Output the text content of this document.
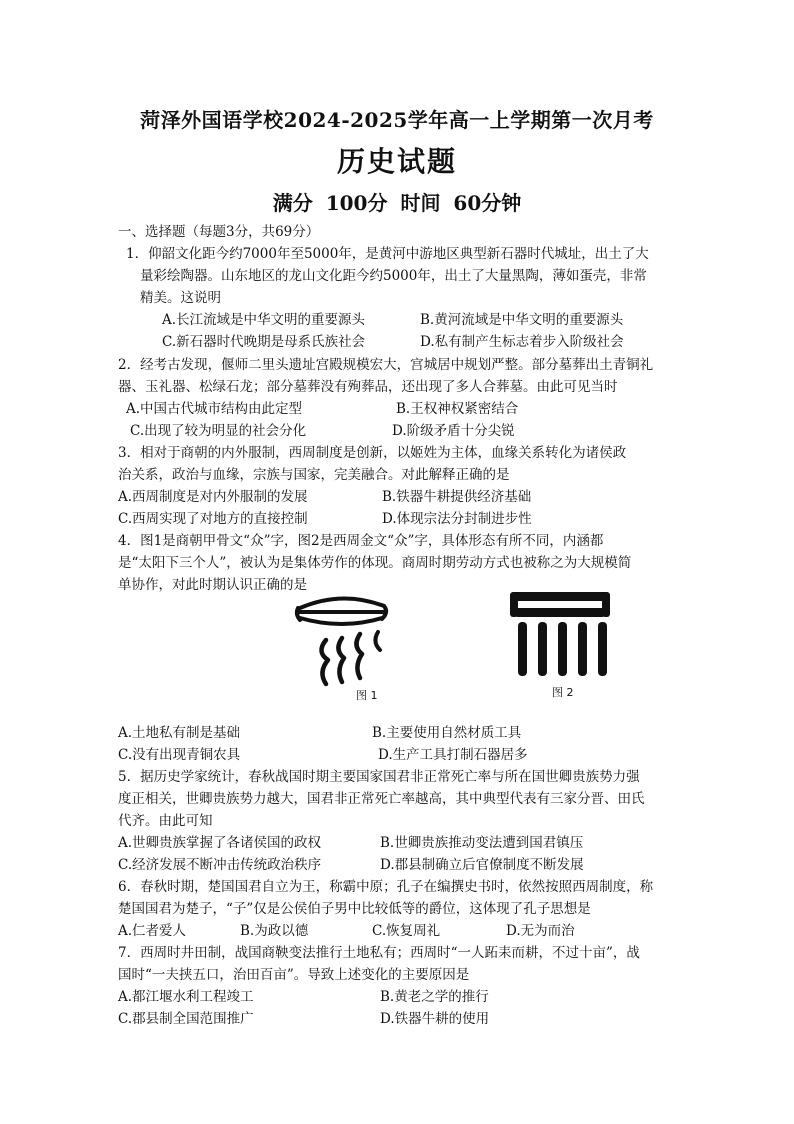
菏泽外国语学校2024-2025学年高一上学期第一次月考
历史试题
满分 100分 时间 60分钟
一、选择题（每题3分，共69分）
1．仰韶文化距今约7000年至5000年，是黄河中游地区典型新石器时代城址，出土了大
量彩绘陶器。山东地区的龙山文化距今约5000年，出土了大量黑陶，薄如蛋壳，非常
精美。这说明
A.长江流域是中华文明的重要源头	B.黄河流域是中华文明的重要源头
C.新石器时代晚期是母系氏族社会	D.私有制产生标志着步入阶级社会
2．经考古发现，偃师二里头遗址宫殿规模宏大，宫城居中规划严整。部分墓葬出土青铜礼
器、玉礼器、松绿石龙；部分墓葬没有殉葬品，还出现了多人合葬墓。由此可见当时
A.中国古代城市结构由此定型	B.王权神权紧密结合
C.出现了较为明显的社会分化	D.阶级矛盾十分尖锐
3．相对于商朝的内外服制，西周制度是创新，以姬姓为主体，血缘关系转化为诸侯政
治关系，政治与血缘，宗族与国家，完美融合。对此解释正确的是
A.西周制度是对内外服制的发展	B.铁器牛耕提供经济基础
C.西周实现了对地方的直接控制	D.体现宗法分封制进步性
4．图1是商朝甲骨文“众”字，图2是西周金文“众”字，具体形态有所不同，内涵都
是“太阳下三个人”，被认为是集体劳作的体现。商周时期劳动方式也被称之为大规模简
单协作，对此时期认识正确的是
图 1	图 2
A.土地私有制是基础	B.主要使用自然材质工具
C.没有出现青铜农具	D.生产工具打制石器居多
5．据历史学家统计，春秋战国时期主要国家国君非正常死亡率与所在国世卿贵族势力强
度正相关，世卿贵族势力越大，国君非正常死亡率越高，其中典型代表有三家分晋、田氏
代齐。由此可知
A.世卿贵族掌握了各诸侯国的政权	B.世卿贵族推动变法遭到国君镇压
C.经济发展不断冲击传统政治秩序	D.郡县制确立后官僚制度不断发展
6．春秋时期，楚国国君自立为王，称霸中原；孔子在编撰史书时，依然按照西周制度，称
楚国国君为楚子，“子”仅是公侯伯子男中比较低等的爵位，这体现了孔子思想是
A.仁者爱人	B.为政以德	C.恢复周礼	D.无为而治
7．西周时井田制，战国商鞅变法推行土地私有；西周时“一人跖耒而耕，不过十亩”，战
国时“一夫挟五口，治田百亩”。导致上述变化的主要原因是
A.都江堰水利工程竣工	B.黄老之学的推行
C.郡县制全国范围推广	D.铁器牛耕的使用
